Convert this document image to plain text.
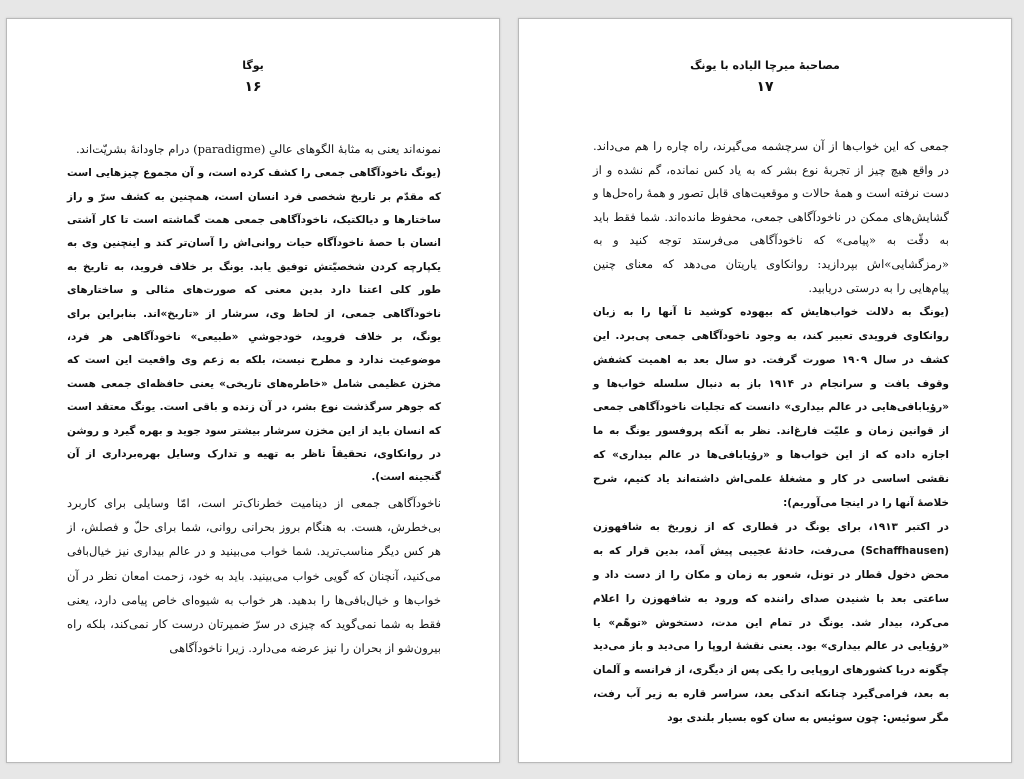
یوگا
۱۶

نمونه‌اند یعنی به مثابهٔ الگوهای عالیِ (paradigme) درام جاودانهٔ بشریّت‌اند.

(یونگ ناخودآگاهی جمعی را کشف کرده است، و آن مجموع چیزهایی است که مقدّم بر تاریخ شخصی فرد انسان است، همچنین به کشف سرّ و راز ساختارها و دیالکتیک، ناخودآگاهی جمعی همت گماشته است تا کار آشتی انسان با حصهٔ ناخودآگاه حیات روانی‌اش را آسان‌تر کند و اینچنین وی به یکپارچه کردن شخصیّتش توفیق یابد. یونگ بر خلاف فروید، به تاریخ به طور کلی اعتنا دارد بدین معنی که صورت‌های مثالی و ساختارهای ناخودآگاهی جمعی، از لحاظ وی، سرشار از «تاریخ»اند. بنابراین برای یونگ، بر خلاف فروید، خودجوشیِ «طبیعی» ناخودآگاهی هر فرد، موضوعیت ندارد و مطرح نیست، بلکه به زعم وی واقعیت این است که مخزن عظیمی شامل «خاطره‌های تاریخی» یعنی حافظه‌ای جمعی هست که جوهر سرگذشت نوع بشر، در آن زنده و باقی است. یونگ معتقد است که انسان باید از این مخزن سرشار بیشتر سود جوید و بهره گیرد و روشن در روانکاوی، تحقیقاً ناظر به تهیه و تدارک وسایل بهره‌برداری از آن گنجینه است).

ناخودآگاهی جمعی از دینامیت خطرناک‌تر است، امّا وسایلی برای کاربرد بی‌خطرش، هست. به هنگام بروز بحرانی روانی، شما برای حلّ و فصلش، از هر کس دیگر مناسب‌ترید. شما خواب می‌بینید و در عالم بیداری نیز خیال‌بافی می‌کنید، آنچنان که گویی خواب می‌بینید. باید به خود، زحمت امعان نظر در آن خواب‌ها و خیال‌بافی‌ها را بدهید. هر خواب به شیوه‌ای خاص پیامی دارد، یعنی فقط به شما نمی‌گوید که چیزی در سرّ ضمیرتان درست کار نمی‌کند، بلکه راه بیرون‌شو از بحران را نیز عرضه می‌دارد. زیرا ناخودآگاهی

مصاحبهٔ میرچا الیاده با یونگ
۱۷

جمعی که این خواب‌ها از آن سرچشمه می‌گیرند، راه چاره را هم می‌داند. در واقع هیچ چیز از تجربهٔ نوع بشر که به یاد کس نمانده، گم نشده و از دست نرفته است و همهٔ حالات و موقعیت‌های قابل تصور و همهٔ راه‌حل‌ها و گشایش‌های ممکن در ناخودآگاهی جمعی، محفوظ مانده‌اند. شما فقط باید به دقّت به «پیامی» که ناخودآگاهی می‌فرستد توجه کنید و به «رمزگشایی»اش بپردازید: روانکاوی یاریتان می‌دهد که معنای چنین پیام‌هایی را به درستی دریابید.

(یونگ به دلالت خواب‌هایش که بیهوده کوشید تا آنها را به زبان روانکاوی فرویدی تعبیر کند، به وجود ناخودآگاهی جمعی پی‌برد. این کشف در سال ۱۹۰۹ صورت گرفت. دو سال بعد به اهمیت کشفش وقوف یافت و سرانجام در ۱۹۱۴ باز به دنبال سلسله خواب‌ها و «رؤیابافی‌هایی در عالم بیداری» دانست که تجلیات ناخودآگاهی جمعی از قوانین زمان و علیّت فارغ‌اند. نظر به آنکه پروفسور یونگ به ما اجازه داده که از این خواب‌ها و «رؤیابافی‌ها در عالم بیداری» که نقشی اساسی در کار و مشغلهٔ علمی‌اش داشته‌اند یاد کنیم، شرح خلاصهٔ آنها را در اینجا می‌آوریم):

در اکتبر ۱۹۱۳، برای یونگ در قطاری که از زوریخ به شافهوزن (Schaffhausen) می‌رفت، حادثهٔ عجیبی پیش آمد، بدین قرار که به محض دخول قطار در تونل، شعور به زمان و مکان را از دست داد و ساعتی بعد با شنیدن صدای راننده که ورود به شافهوزن را اعلام می‌کرد، بیدار شد. یونگ در تمام این مدت، دستخوش «توهّم» یا «رؤیایی در عالم بیداری» بود. یعنی نقشهٔ اروپا را می‌دید و باز می‌دید چگونه دریا کشورهای اروپایی را یکی پس از دیگری، از فرانسه و آلمان به بعد، فرامی‌گیرد چنانکه اندکی بعد، سراسر قاره به زیر آب رفت، مگر سوئیس: چون سوئیس به سان کوه بسیار بلندی بود
